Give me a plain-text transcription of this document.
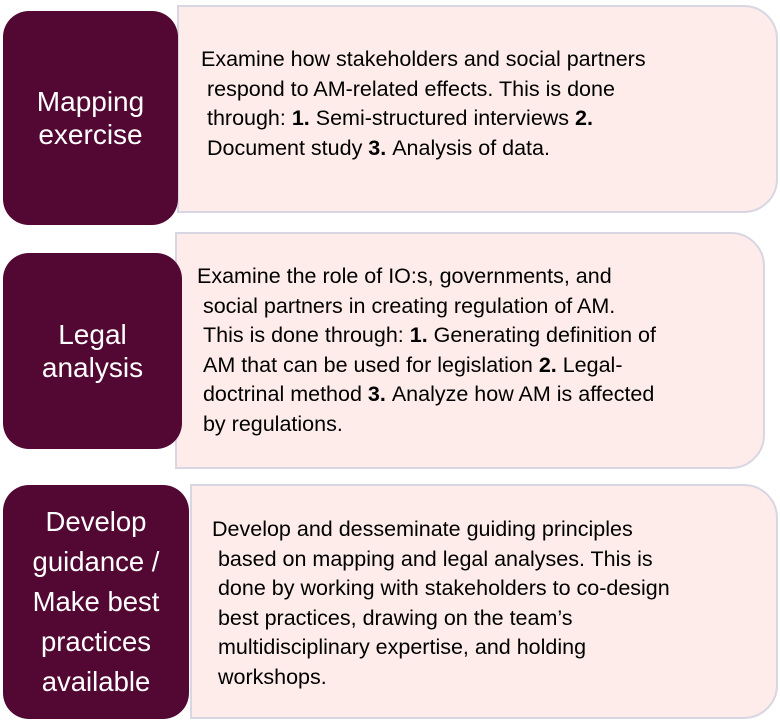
Mapping
exercise
Examine how stakeholders and social partners
respond to AM-related effects. This is done
through: 1. Semi-structured interviews 2.
Document study 3. Analysis of data.
Legal
analysis
Examine the role of IO:s, governments, and
social partners in creating regulation of AM.
This is done through: 1. Generating definition of
AM that can be used for legislation 2. Legal-
doctrinal method 3. Analyze how AM is affected
by regulations.
Develop
guidance /
Make best
practices
available
Develop and desseminate guiding principles
based on mapping and legal analyses. This is
done by working with stakeholders to co-design
best practices, drawing on the team’s
multidisciplinary expertise, and holding
workshops.
